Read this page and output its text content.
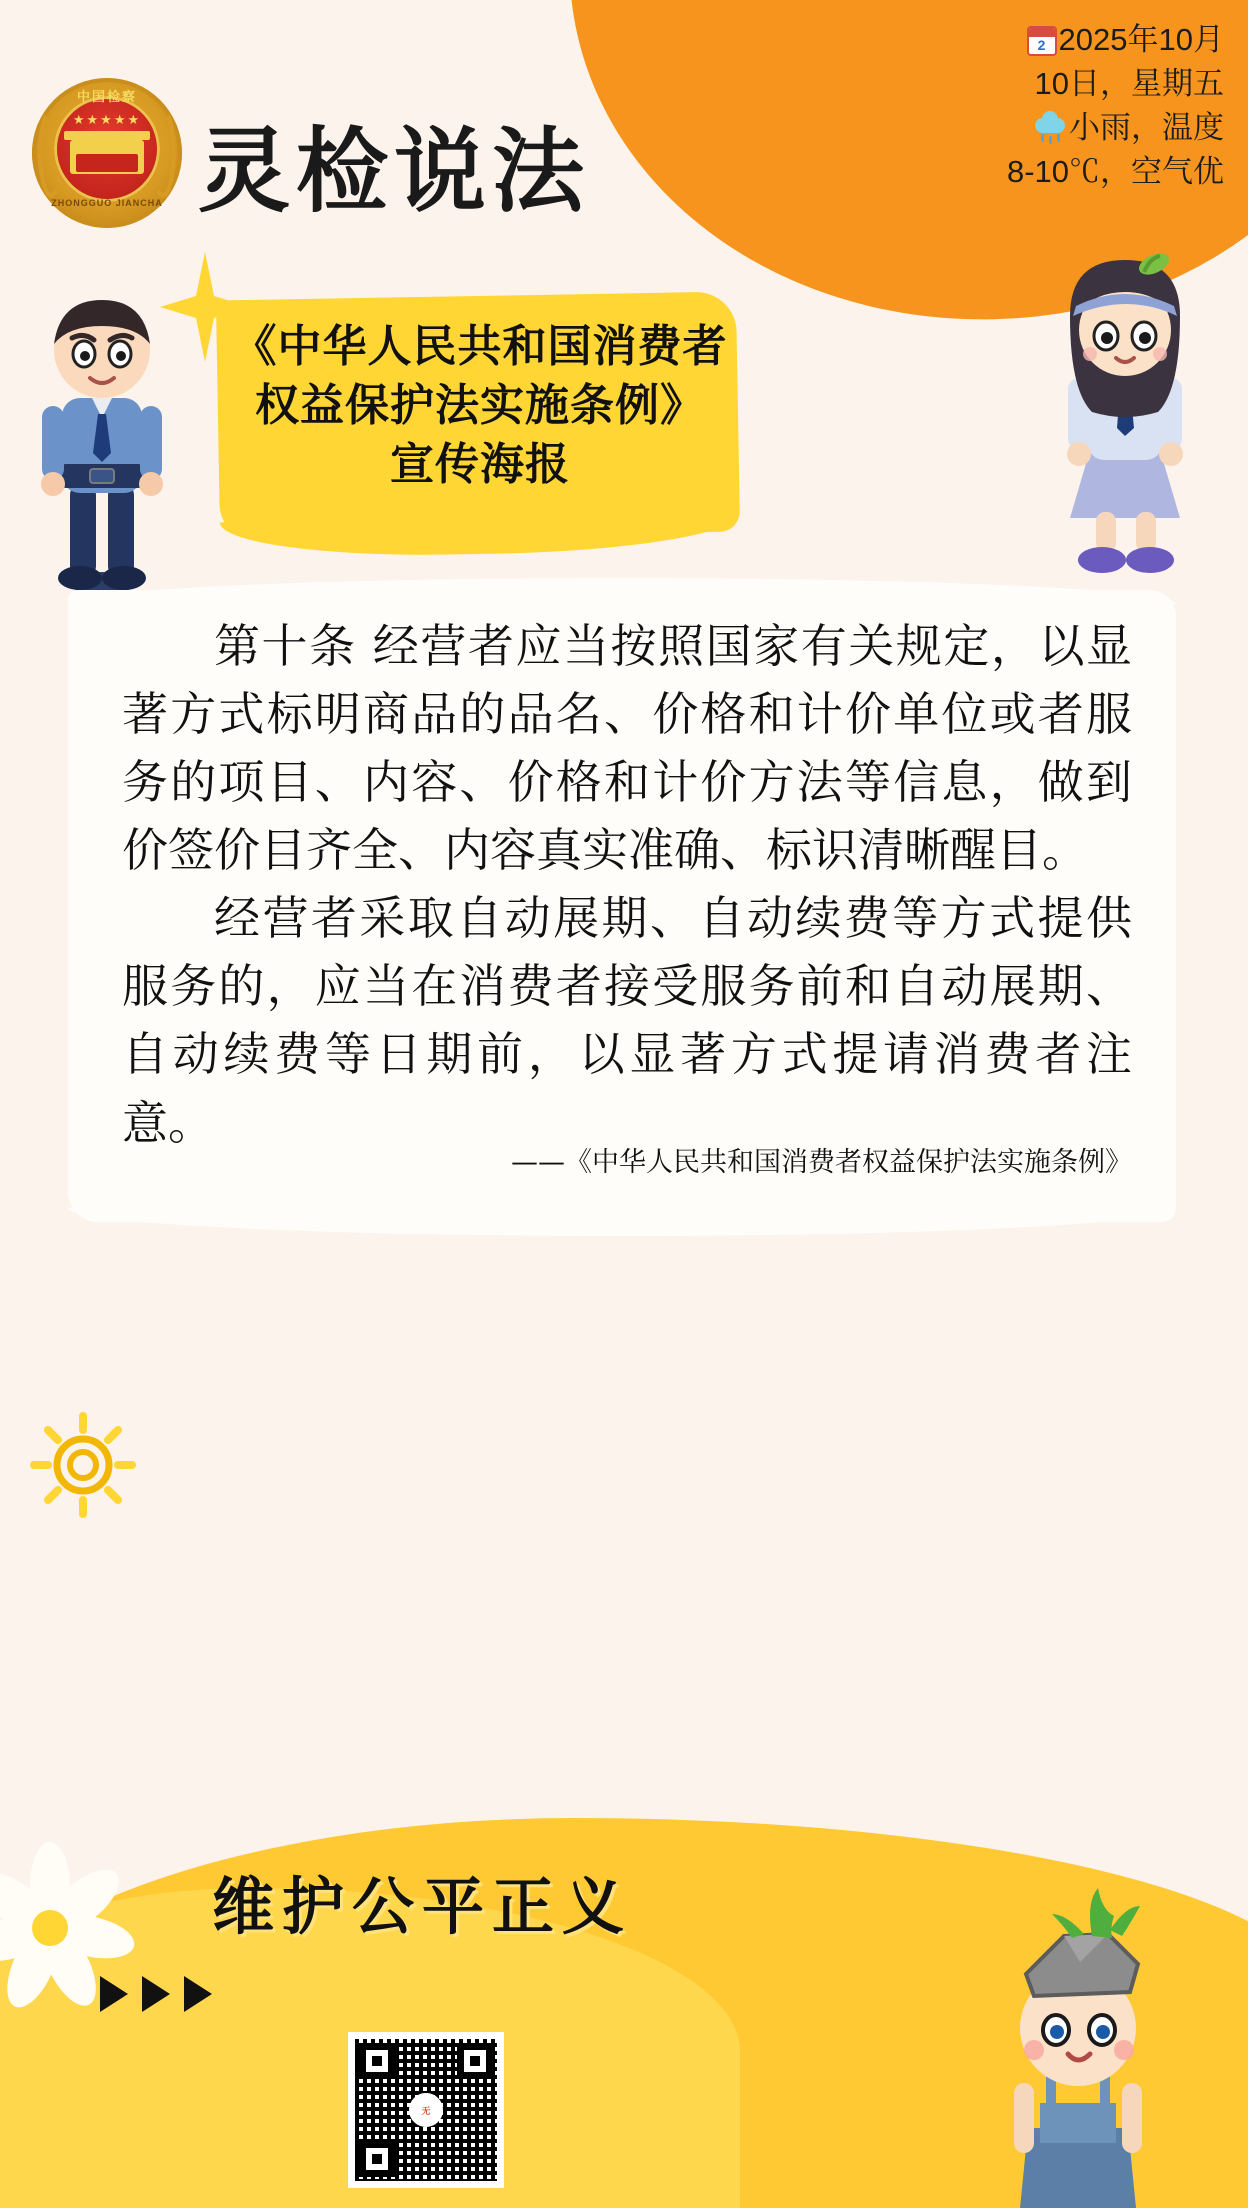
中国检察
★★★★★
ZHONGGUO JIANCHA 灵检说法
2 2025年10月
10日，星期五
小雨，温度
8-10℃，空气优
《中华人民共和国消费者
权益保护法实施条例》
宣传海报

第十条 经营者应当按照国家有关规定，以显著方式标明商品的品名、价格和计价单位或者服务的项目、内容、价格和计价方法等信息，做到价签价目齐全、内容真实准确、标识清晰醒目。

经营者采取自动展期、自动续费等方式提供服务的，应当在消费者接受服务前和自动展期、自动续费等日期前，以显著方式提请消费者注意。

——《中华人民共和国消费者权益保护法实施条例》
维护公平正义
无
